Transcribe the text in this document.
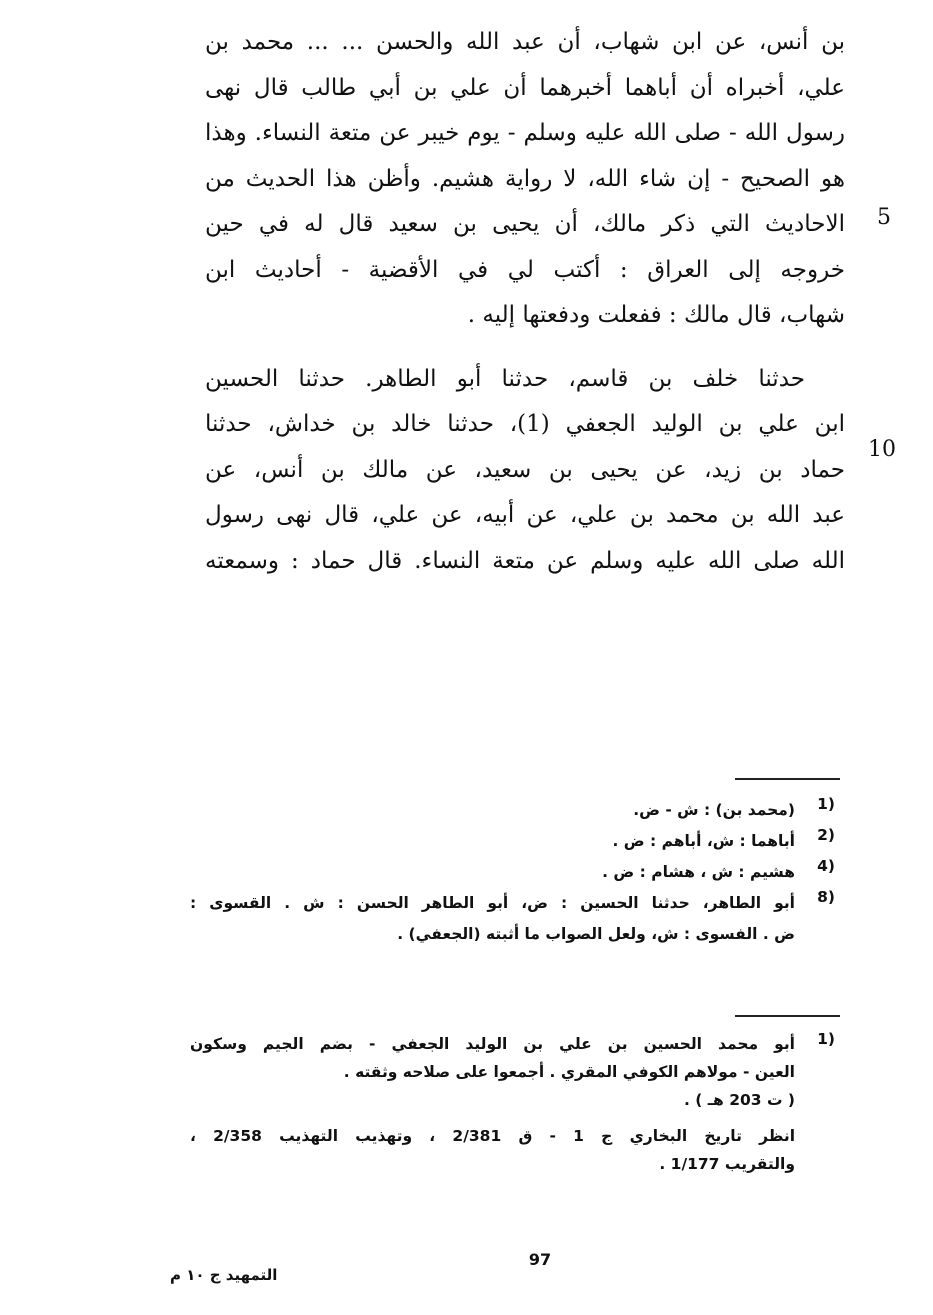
بن أنس، عن ابن شهاب، أن عبد الله والحسن ... ... محمد بن
علي، أخبراه أن أباهما أخبرهما أن علي بن أبي طالب قال نهى
رسول الله - صلى الله عليه وسلم - يوم خيبر عن متعة النساء. وهذا
هو الصحيح - إن شاء الله، لا رواية هشيم. وأظن هذا الحديث من
الاحاديث التي ذكر مالك، أن يحيى بن سعيد قال له في حين
خروجه إلى العراق : أكتب لي في الأقضية - أحاديث ابن
شهاب، قال مالك : ففعلت ودفعتها إليه .
حدثنا خلف بن قاسم، حدثنا أبو الطاهر. حدثنا الحسين
ابن علي بن الوليد الجعفي (1)، حدثنا خالد بن خداش، حدثنا
حماد بن زيد، عن يحيى بن سعيد، عن مالك بن أنس، عن
عبد الله بن محمد بن علي، عن أبيه، عن علي، قال نهى رسول
الله صلى الله عليه وسلم عن متعة النساء. قال حماد : وسمعته
5
10
1)
(محمد بن) : ش - ض.
2)
أباهما : ش، أباهم : ض .
4)
هشيم : ش ، هشام : ض .
8)
أبو الطاهر، حدثنا الحسين : ض، أبو الطاهر الحسن : ش . القسوى :
ض . الفسوى : ش، ولعل الصواب ما أثبته (الجعفي) .
1)
أبو محمد الحسين بن علي بن الوليد الجعفي - بضم الجيم وسكون
العين - مولاهم الكوفي المقري . أجمعوا على صلاحه وثقته .
( ت 203 هـ ) .
انظر تاريخ البخاري ج 1 - ق 2/381 ، وتهذيب التهذيب 2/358 ،
والتقريب 1/177 .
97
التمهيد ج ١٠ م
